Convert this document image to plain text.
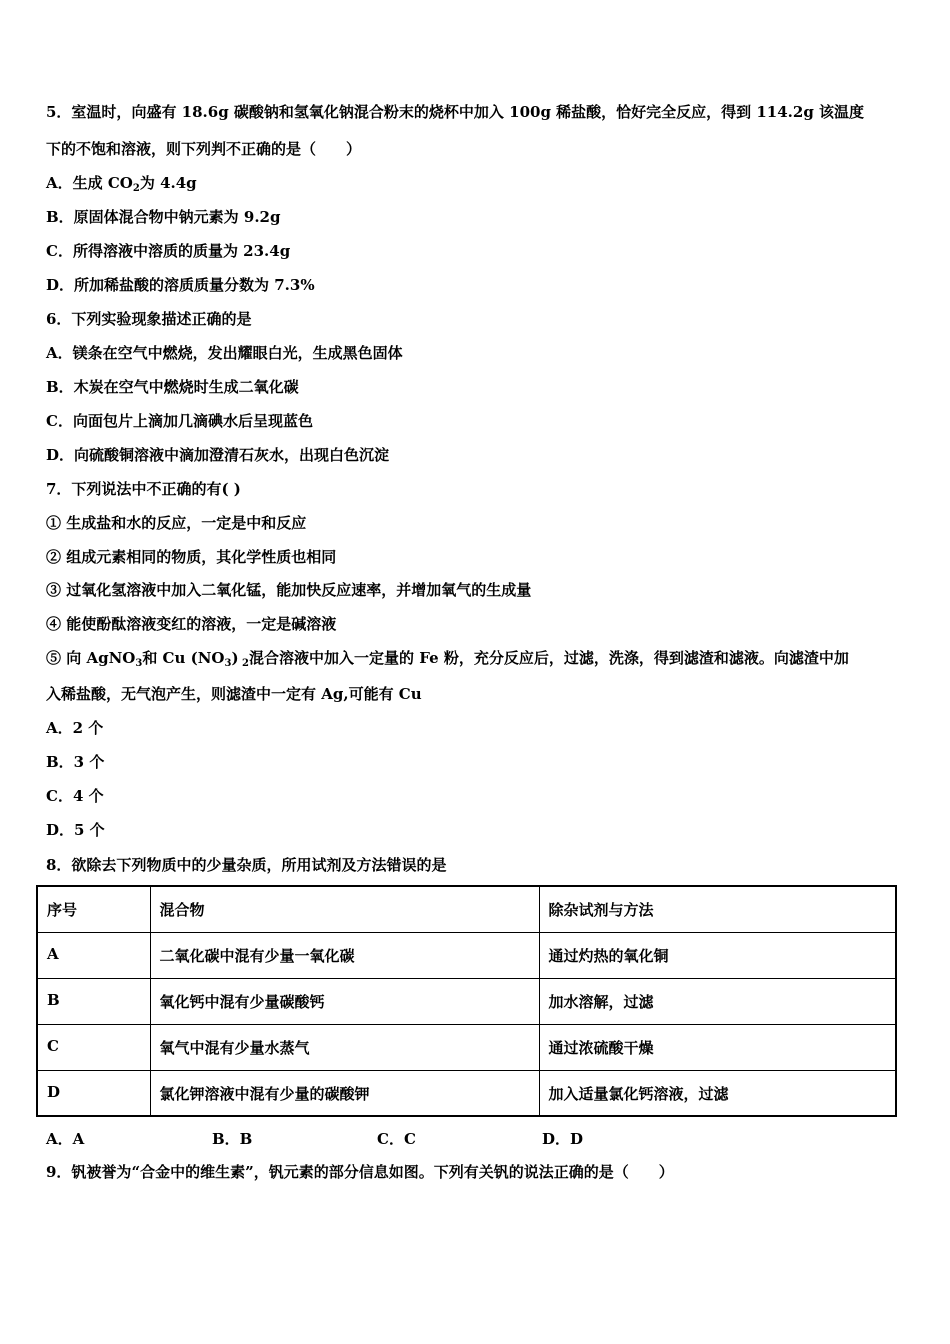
5．室温时，向盛有 18.6g 碳酸钠和氢氧化钠混合粉末的烧杯中加入 100g 稀盐酸，恰好完全反应，得到 114.2g 该温度
下的不饱和溶液，则下列判不正确的是（　　）
A．生成 $CO_2$为 4.4g
B．原固体混合物中钠元素为 9.2g
C．所得溶液中溶质的质量为 23.4g
D．所加稀盐酸的溶质质量分数为 7.3%
6．下列实验现象描述正确的是
A．镁条在空气中燃烧，发出耀眼白光，生成黑色固体
B．木炭在空气中燃烧时生成二氧化碳
C．向面包片上滴加几滴碘水后呈现蓝色
D．向硫酸铜溶液中滴加澄清石灰水，出现白色沉淀
7．下列说法中不正确的有( )
① 生成盐和水的反应，一定是中和反应
② 组成元素相同的物质，其化学性质也相同
③ 过氧化氢溶液中加入二氧化锰，能加快反应速率，并增加氧气的生成量
④ 能使酚酞溶液变红的溶液，一定是碱溶液
⑤ 向 AgNO$_3$和 Cu $(NO_3)$ $_2$混合溶液中加入一定量的 Fe 粉，充分反应后，过滤，洗涤，得到滤渣和滤液。向滤渣中加
入稀盐酸，无气泡产生，则滤渣中一定有 Ag,可能有 Cu
A．2 个
B．3 个
C．4 个
D．5 个
8．欲除去下列物质中的少量杂质，所用试剂及方法错误的是
序号	混合物	除杂试剂与方法
A	二氧化碳中混有少量一氧化碳	通过灼热的氧化铜
B	氧化钙中混有少量碳酸钙	加水溶解，过滤
C	氧气中混有少量水蒸气	通过浓硫酸干燥
D	氯化钾溶液中混有少量的碳酸钾	加入适量氯化钙溶液，过滤
A．A	B．B	C．C	D．D
9．钒被誉为“合金中的维生素”，钒元素的部分信息如图。下列有关钒的说法正确的是（　　）
